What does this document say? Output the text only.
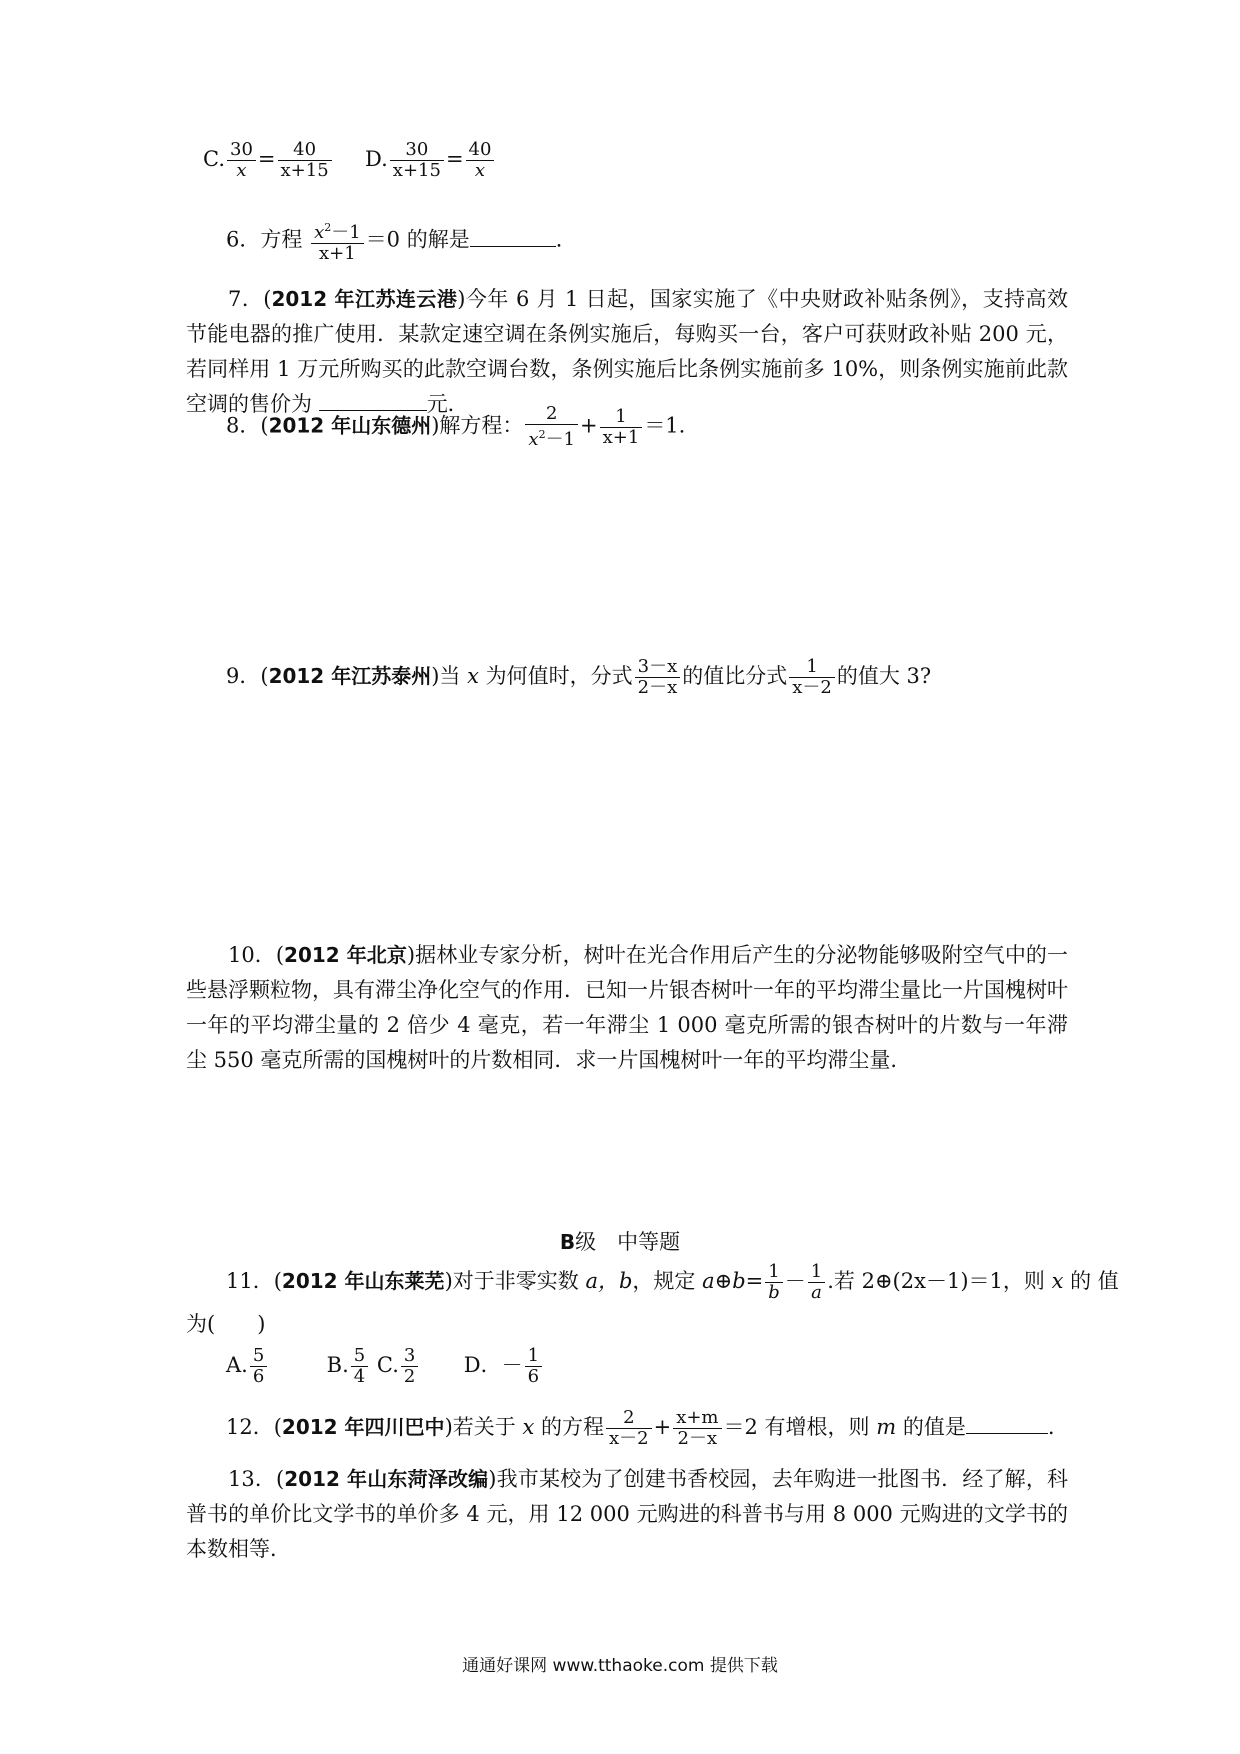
C. $\frac{30}{x} = \frac{40}{x+15} D$. $\frac{30}{x+15} = \frac{40}{x}$
6．方程 $\frac{x^2-1}{x+1} =0$ 的解是	．
7．(2012 年江苏连云港)今年 6 月 1 日起，国家实施了《中央财政补贴条例》，支持高效节能电器的推广使用．某款定速空调在条例实施后，每购买一台，客户可获财政补贴 200 元，若同样用 1 万元所购买的此款空调台数，条例实施后比条例实施前多 10%，则条例实施前此款空调的售价为	元．
8．(2012 年山东德州)解方程： $\frac{2}{x^2-1} + \frac{1}{x+1} =1$.
9．(2012 年江苏泰州)当 x 为何值时，分式 $\frac{3-x}{2-x}$ 的值比分式 $\frac{1}{x-2}$ 的值大 3?
10．(2012 年北京)据林业专家分析，树叶在光合作用后产生的分泌物能够吸附空气中的一些悬浮颗粒物，具有滞尘净化空气的作用．已知一片银杏树叶一年的平均滞尘量比一片国槐树叶一年的平均滞尘量的 2 倍少 4 毫克，若一年滞尘 1 000 毫克所需的银杏树叶的片数与一年滞尘 550 毫克所需的国槐树叶的片数相同．求一片国槐树叶一年的平均滞尘量．
B级　中等题
11．(2012 年山东莱芜)对于非零实数 a，b，规定 a⊕b= $\frac{1}{b} - \frac{1}{a}$ .若 2⊕(2x－1)＝1，则 x 的 值
为(　　)
A. $\frac{5}{6}$	B. $\frac{5}{4} C$. $\frac{3}{2}$ D．－ $\frac{1}{6}$
12．(2012 年四川巴中)若关于 x 的方程 $\frac{2}{x-2} + \frac{x+m}{2-x} =2$ 有增根，则 m 的值是	.
13．(2012 年山东菏泽改编)我市某校为了创建书香校园，去年购进一批图书．经了解，科普书的单价比文学书的单价多 4 元，用 12 000 元购进的科普书与用 8 000 元购进的文学书的本数相等．
通通好课网 www.tthaoke.com 提供下载
